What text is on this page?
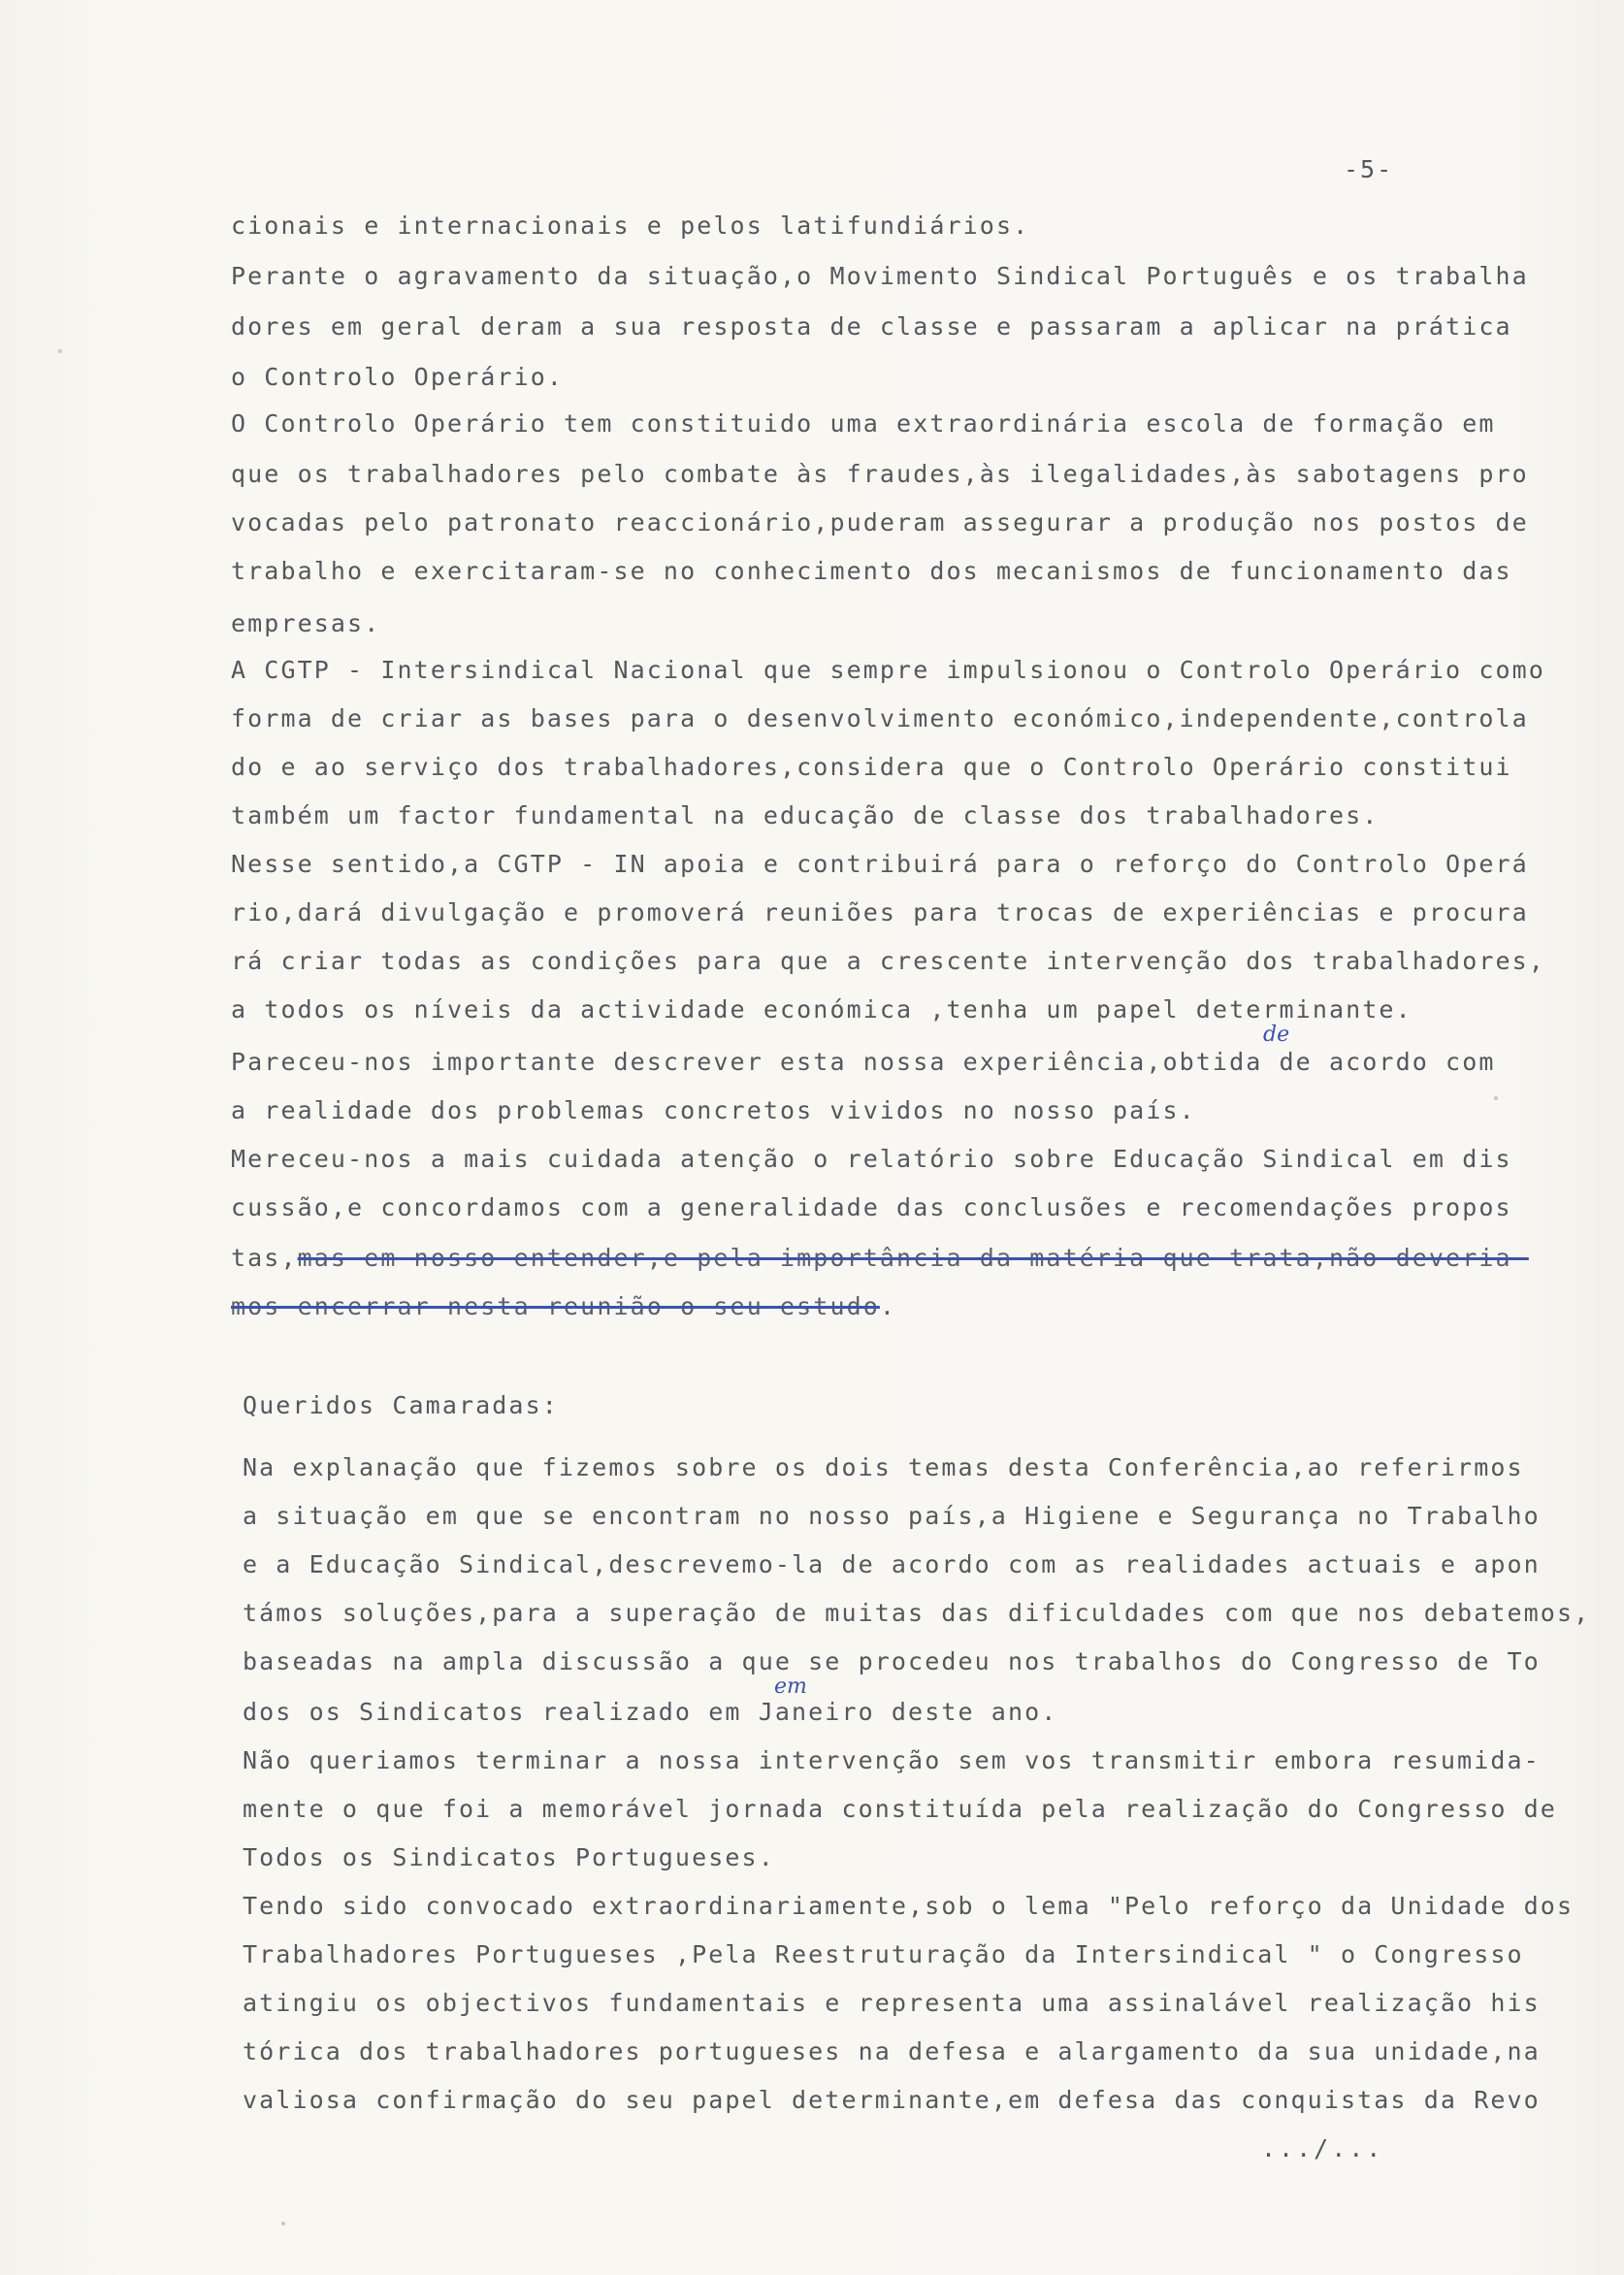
-5-
cionais e internacionais e pelos latifundiários.
Perante o agravamento da situação,o Movimento Sindical Português e os trabalha
dores em geral deram a sua resposta de classe e passaram a aplicar na prática
o Controlo Operário.
O Controlo Operário tem constituido uma extraordinária escola de formação em
que os trabalhadores pelo combate às fraudes,às ilegalidades,às sabotagens pro
vocadas pelo patronato reaccionário,puderam assegurar a produção nos postos de
trabalho e exercitaram-se no conhecimento dos mecanismos de funcionamento das
empresas.
A CGTP - Intersindical Nacional que sempre impulsionou o Controlo Operário como
forma de criar as bases para o desenvolvimento económico,independente,controla
do e ao serviço dos trabalhadores,considera que o Controlo Operário constitui
também um factor fundamental na educação de classe dos trabalhadores.
Nesse sentido,a CGTP - IN apoia e contribuirá para o reforço do Controlo Operá
rio,dará divulgação e promoverá reuniões para trocas de experiências e procura
rá criar todas as condições para que a crescente intervenção dos trabalhadores,
a todos os níveis da actividade económica ,tenha um papel determinante.
de
Pareceu-nos importante descrever esta nossa experiência,obtida de acordo com
a realidade dos problemas concretos vividos no nosso país.
Mereceu-nos a mais cuidada atenção o relatório sobre Educação Sindical em dis
cussão,e concordamos com a generalidade das conclusões e recomendações propos
tas,mas em nosso entender,e pela importância da matéria que trata,não deveria-
mos encerrar nesta reunião o seu estudo.
Queridos Camaradas:
Na explanação que fizemos sobre os dois temas desta Conferência,ao referirmos
a situação em que se encontram no nosso país,a Higiene e Segurança no Trabalho
e a Educação Sindical,descrevemo-la de acordo com as realidades actuais e apon
támos soluções,para a superação de muitas das dificuldades com que nos debatemos,
baseadas na ampla discussão a que se procedeu nos trabalhos do Congresso de To
em
dos os Sindicatos realizado em Janeiro deste ano.
Não queriamos terminar a nossa intervenção sem vos transmitir embora resumida-
mente o que foi a memorável jornada constituída pela realização do Congresso de
Todos os Sindicatos Portugueses.
Tendo sido convocado extraordinariamente,sob o lema "Pelo reforço da Unidade dos
Trabalhadores Portugueses ,Pela Reestruturação da Intersindical " o Congresso
atingiu os objectivos fundamentais e representa uma assinalável realização his
tórica dos trabalhadores portugueses na defesa e alargamento da sua unidade,na
valiosa confirmação do seu papel determinante,em defesa das conquistas da Revo
.../...
